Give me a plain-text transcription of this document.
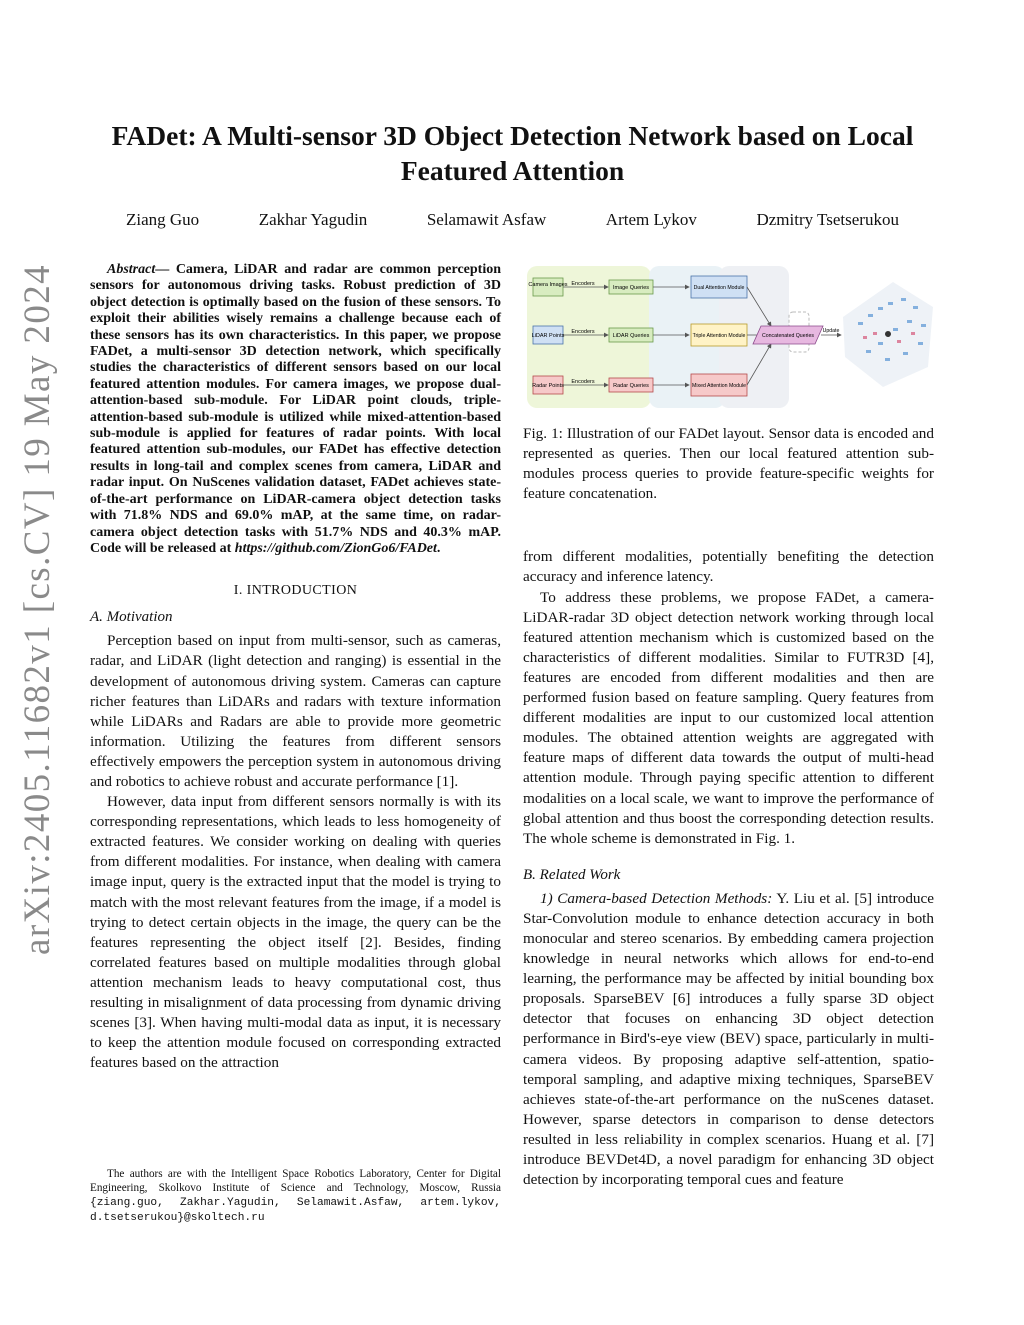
arXiv:2405.11682v1 [cs.CV] 19 May 2024
FADet: A Multi-sensor 3D Object Detection Network based on Local Featured Attention
Ziang Guo	Zakhar Yagudin	Selamawit Asfaw	Artem Lykov	Dzmitry Tsetserukou

Abstract— Camera, LiDAR and radar are common perception sensors for autonomous driving tasks. Robust prediction of 3D object detection is optimally based on the fusion of these sensors. To exploit their abilities wisely remains a challenge because each of these sensors has its own characteristics. In this paper, we propose FADet, a multi-sensor 3D detection network, which specifically studies the characteristics of different sensors based on our local featured attention modules. For camera images, we propose dual-attention-based sub-module. For LiDAR point clouds, triple-attention-based sub-module is utilized while mixed-attention-based sub-module is applied for features of radar points. With local featured attention sub-modules, our FADet has effective detection results in long-tail and complex scenes from camera, LiDAR and radar input. On NuScenes validation dataset, FADet achieves state-of-the-art performance on LiDAR-camera object detection tasks with 71.8% NDS and 69.0% mAP, at the same time, on radar-camera object detection tasks with 51.7% NDS and 40.3% mAP. Code will be released at https://github.com/ZionGo6/FADet.

I. INTRODUCTION
A. Motivation

Perception based on input from multi-sensor, such as cameras, radar, and LiDAR (light detection and ranging) is essential in the development of autonomous driving system. Cameras can capture richer features than LiDARs and radars with texture information while LiDARs and Radars are able to provide more geometric information. Utilizing the features from different sensors effectively empowers the perception system in autonomous driving and robotics to achieve robust and accurate performance [1].

However, data input from different sensors normally is with its corresponding representations, which leads to less homogeneity of extracted features. We consider working on dealing with queries from different modalities. For instance, when dealing with camera image input, query is the extracted input that the model is trying to match with the most relevant features from the image, if a model is trying to detect certain objects in the image, the query can be the features representing the object itself [2]. Besides, finding correlated features based on multiple modalities through global attention mechanism leads to heavy computational cost, thus resulting in misalignment of data processing from dynamic driving scenes [3]. When having multi-modal data as input, it is necessary to keep the attention module focused on corresponding extracted features based on the attraction

The authors are with the Intelligent Space Robotics Laboratory, Center for Digital Engineering, Skolkovo Institute of Science and Technology, Moscow, Russia {ziang.guo, Zakhar.Yagudin, Selamawit.Asfaw, artem.lykov, d.tsetserukou}@skoltech.ru
Camera Images Encoders
Image Queries	Dual Attention Module
LiDAR Points
Encoders
LiDAR Queries	Triple Attention Module
Radar Points
Encoders
Radar Queries	Mixed Attention Module
Concatenated Queries
Update

Fig. 1: Illustration of our FADet layout. Sensor data is encoded and represented as queries. Then our local featured attention sub-modules process queries to provide feature-specific weights for feature concatenation.

from different modalities, potentially benefiting the detection accuracy and inference latency.

To address these problems, we propose FADet, a camera-LiDAR-radar 3D object detection network working through local featured attention mechanism which is customized based on the characteristics of different modalities. Similar to FUTR3D [4], features are encoded from different modalities and then are performed fusion based on feature sampling. Query features from different modalities are input to our customized local attention modules. The obtained attention weights are aggregated with feature maps of different data towards the output of multi-head attention module. Through paying specific attention to different modalities on a local scale, we want to improve the performance of global attention and thus boost the corresponding detection results. The whole scheme is demonstrated in Fig. 1.

B. Related Work

1) Camera-based Detection Methods: Y. Liu et al. [5] introduce Star-Convolution module to enhance detection accuracy in both monocular and stereo scenarios. By embedding camera projection knowledge in neural networks which allows for end-to-end learning, the performance may be affected by initial bounding box proposals. SparseBEV [6] introduces a fully sparse 3D object detector that focuses on enhancing 3D object detection performance in Bird's-eye view (BEV) space, particularly in multi-camera videos. By proposing adaptive self-attention, spatio-temporal sampling, and adaptive mixing techniques, SparseBEV achieves state-of-the-art performance on the nuScenes dataset. However, sparse detectors in comparison to dense detectors resulted in less reliability in complex scenarios. Huang et al. [7] introduce BEVDet4D, a novel paradigm for enhancing 3D object detection by incorporating temporal cues and feature
